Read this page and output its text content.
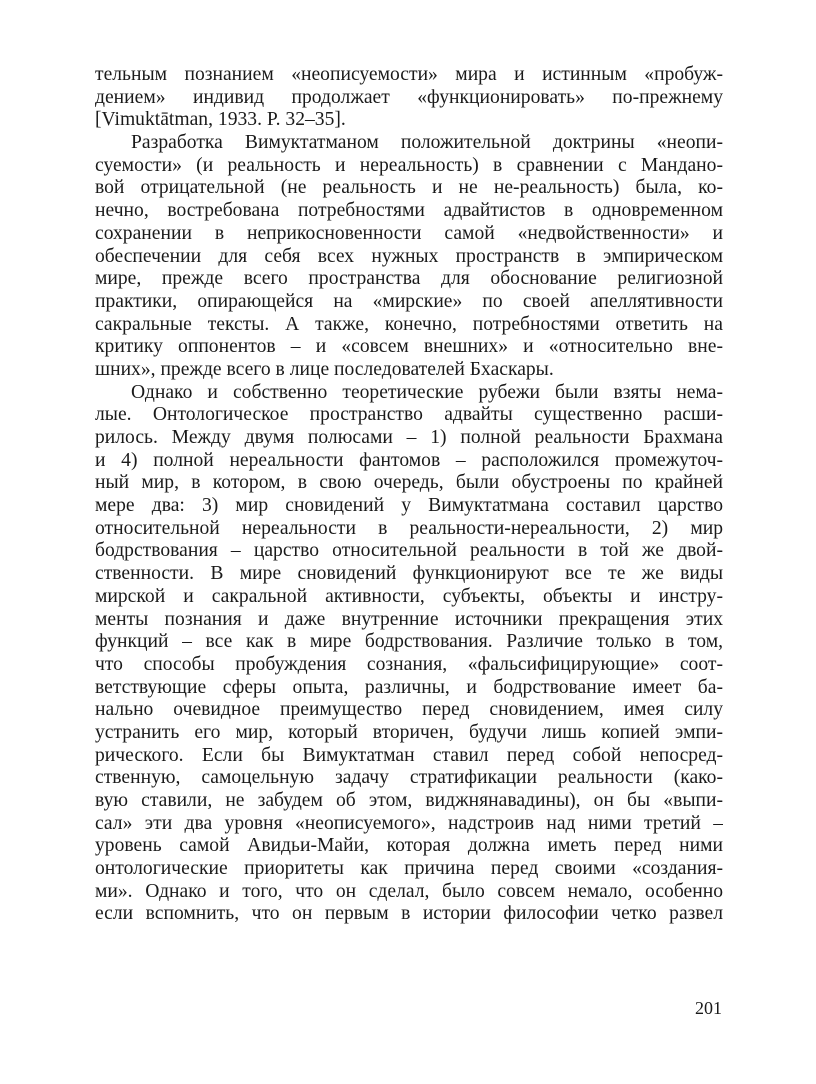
тельным познанием «неописуемости» мира и истинным «пробуж-
дением» индивид продолжает «функционировать» по-прежнему
[Vimuktātman, 1933. P. 32–35].
Разработка Вимуктатманом положительной доктрины «неопи-
суемости» (и реальность и нереальность) в сравнении с Мандано-
вой отрицательной (не реальность и не не-реальность) была, ко-
нечно, востребована потребностями адвайтистов в одновременном
сохранении в неприкосновенности самой «недвойственности» и
обеспечении для себя всех нужных пространств в эмпирическом
мире, прежде всего пространства для обоснование религиозной
практики, опирающейся на «мирские» по своей апеллятивности
сакральные тексты. А также, конечно, потребностями ответить на
критику оппонентов – и «совсем внешних» и «относительно вне-
шних», прежде всего в лице последователей Бхаскары.
Однако и собственно теоретические рубежи были взяты нема-
лые. Онтологическое пространство адвайты существенно расши-
рилось. Между двумя полюсами – 1) полной реальности Брахмана
и 4) полной нереальности фантомов – расположился промежуточ-
ный мир, в котором, в свою очередь, были обустроены по крайней
мере два: 3) мир сновидений у Вимуктатмана составил царство
относительной нереальности в реальности-нереальности, 2) мир
бодрствования – царство относительной реальности в той же двой-
ственности. В мире сновидений функционируют все те же виды
мирской и сакральной активности, субъекты, объекты и инстру-
менты познания и даже внутренние источники прекращения этих
функций – все как в мире бодрствования. Различие только в том,
что способы пробуждения сознания, «фальсифицирующие» соот-
ветствующие сферы опыта, различны, и бодрствование имеет ба-
нально очевидное преимущество перед сновидением, имея силу
устранить его мир, который вторичен, будучи лишь копией эмпи-
рического. Если бы Вимуктатман ставил перед собой непосред-
ственную, самоцельную задачу стратификации реальности (како-
вую ставили, не забудем об этом, виджнянавадины), он бы «выпи-
сал» эти два уровня «неописуемого», надстроив над ними третий –
уровень самой Авидьи-Майи, которая должна иметь перед ними
онтологические приоритеты как причина перед своими «создания-
ми». Однако и того, что он сделал, было совсем немало, особенно
если вспомнить, что он первым в истории философии четко развел
201
